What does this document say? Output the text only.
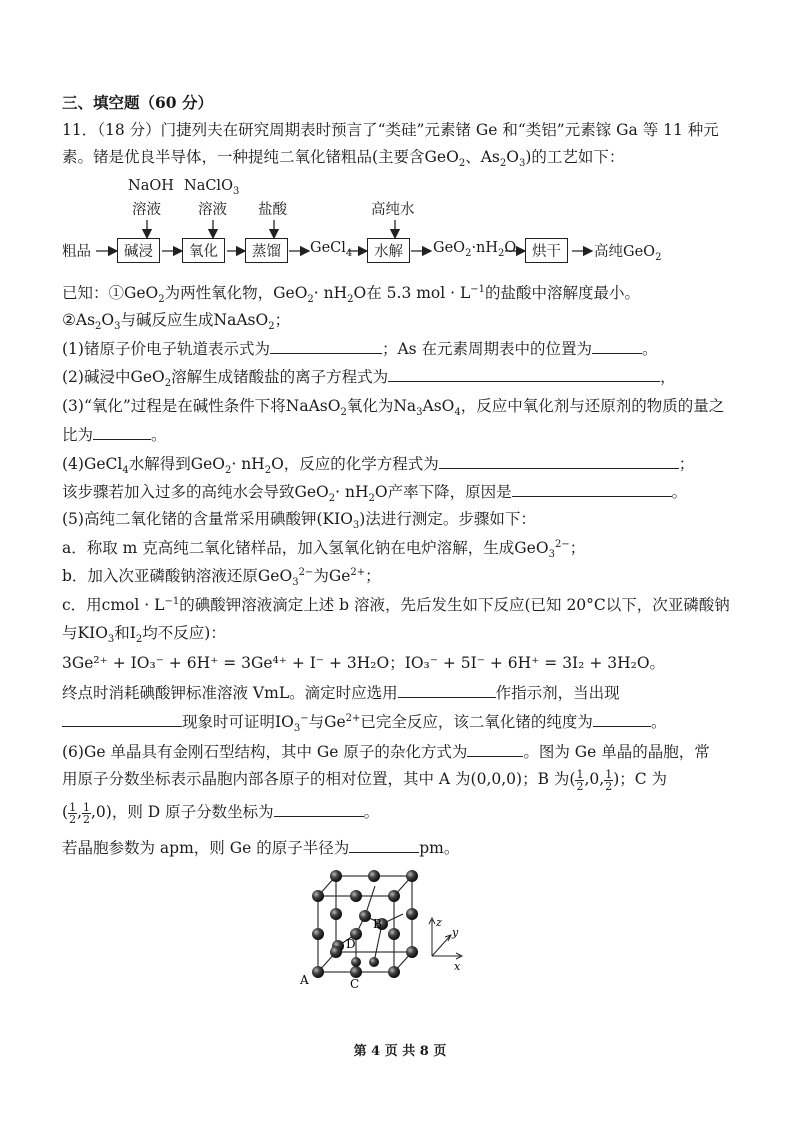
三、填空题（60 分）
11．（18 分）门捷列夫在研究周期表时预言了“类硅”元素锗 Ge 和“类铝”元素镓 Ga 等 11 种元
素。锗是优良半导体，一种提纯二氧化锗粗品(主要含GeO$_2$、$As_2O_3$)的工艺如下：
NaOH
溶液
NaClO$_3$
溶液 盐酸	高纯水
粗品	碱浸	氧化	蒸馏	GeCl$_4$	水解	$GeO_2\cdot nH_2O$	烘干	高纯GeO$_2$
已知：①GeO$_2$为两性氧化物，$GeO_2\cdot nH_2O$在 5.3 mol · $L^{-1}$的盐酸中溶解度最小。
$②As_2O_3$与碱反应生成NaAsO$_2$；
(1)锗原子价电子轨道表示式为	；As 在元素周期表中的位置为	。
(2)碱浸中GeO$_2$溶解生成锗酸盐的离子方程式为	，
(3)“氧化”过程是在碱性条件下将NaAsO$_2$氧化为$Na_3AsO_4$，反应中氧化剂与还原剂的物质的量之
比为	。
(4)GeCl$_4$水解得到$GeO_2\cdot nH_2O$，反应的化学方程式为	；
该步骤若加入过多的高纯水会导致$GeO_2\cdot nH_2O$产率下降，原因是	。
(5)高纯二氧化锗的含量常采用碘酸钾$(KIO_3)$法进行测定。步骤如下：
a．称取 m 克高纯二氧化锗样品，加入氢氧化钠在电炉溶解，生成GeO$_3^{2-}$；
b．加入次亚磷酸钠溶液还原GeO$_3^{2-}$为$Ge^{2+}$；
c．用cmol · $L^{-1}$的碘酸钾溶液滴定上述 b 溶液，先后发生如下反应(已知 20°C以下，次亚磷酸钠
与$KIO_3$和$I_2$均不反应)：
3Ge²⁺ + IO₃⁻ + 6H⁺ = 3Ge⁴⁺ + I⁻ + 3H₂O；IO₃⁻ + 5I⁻ + 6H⁺ = 3I₂ + 3H₂O。
终点时消耗碘酸钾标准溶液 VmL。滴定时应选用	作指示剂，当出现
现象时可证明$IO_3^-$与$Ge^{2+}$已完全反应，该二氧化锗的纯度为	。
(6)Ge 单晶具有金刚石型结构，其中 Ge 原子的杂化方式为	。图为 Ge 单晶的晶胞，常
用原子分数坐标表示晶胞内部各原子的相对位置，其中 A 为(0,0,0)；B 为( $\frac{1}{2} ,0$, $\frac{1}{2}$ )；C 为
( $\frac{1}{2}$ , $\frac{1}{2} ,0$)，则 D 原子分数坐标为	。
若晶胞参数为 apm，则 Ge 的原子半径为	pm。
A
B
C
D
z
y
x
第 4 页 共 8 页
